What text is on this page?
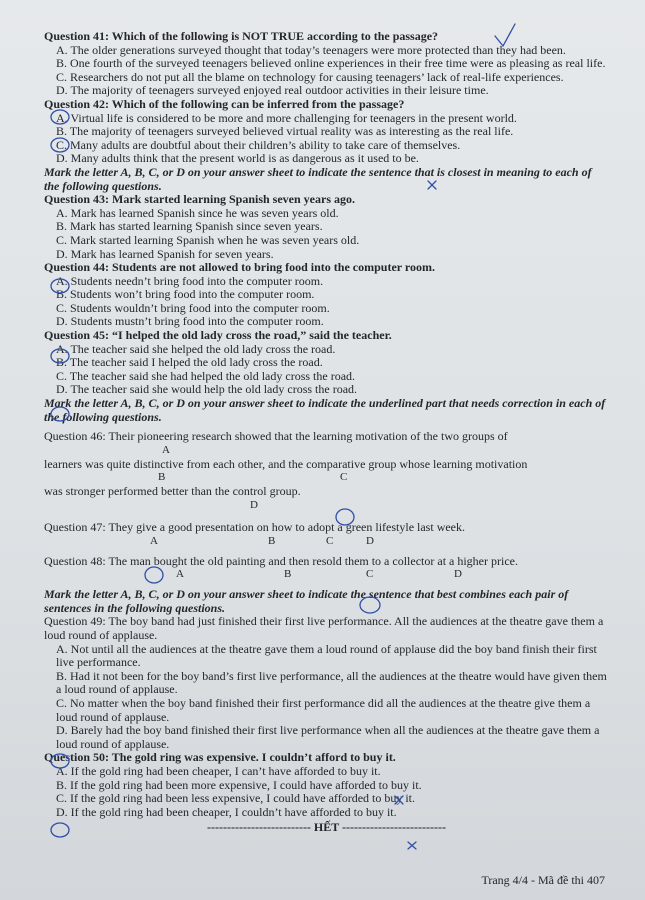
Question 41: Which of the following is NOT TRUE according to the passage?

A. The older generations surveyed thought that today’s teenagers were more protected than they had been.

B. One fourth of the surveyed teenagers believed online experiences in their free time were as pleasing as real life.

C. Researchers do not put all the blame on technology for causing teenagers’ lack of real-life experiences.

D. The majority of teenagers surveyed enjoyed real outdoor activities in their leisure time.

Question 42: Which of the following can be inferred from the passage?

A. Virtual life is considered to be more and more challenging for teenagers in the present world.

B. The majority of teenagers surveyed believed virtual reality was as interesting as the real life.

C. Many adults are doubtful about their children’s ability to take care of themselves.

D. Many adults think that the present world is as dangerous as it used to be.

Mark the letter A, B, C, or D on your answer sheet to indicate the sentence that is closest in meaning to each of the following questions.

Question 43: Mark started learning Spanish seven years ago.

A. Mark has learned Spanish since he was seven years old.

B. Mark has started learning Spanish since seven years.

C. Mark started learning Spanish when he was seven years old.

D. Mark has learned Spanish for seven years.

Question 44: Students are not allowed to bring food into the computer room.

A. Students needn’t bring food into the computer room.

B. Students won’t bring food into the computer room.

C. Students wouldn’t bring food into the computer room.

D. Students mustn’t bring food into the computer room.

Question 45: “I helped the old lady cross the road,” said the teacher.

A. The teacher said she helped the old lady cross the road.

B. The teacher said I helped the old lady cross the road.

C. The teacher said she had helped the old lady cross the road.

D. The teacher said she would help the old lady cross the road.

Mark the letter A, B, C, or D on your answer sheet to indicate the underlined part that needs correction in each of the following questions.

Question 46: Their pioneering research showed that the learning motivation of the two groups of

A

learners was quite distinctive from each other, and the comparative group whose learning motivation

B	C

was stronger performed better than the control group.

D

Question 47: They give a good presentation on how to adopt a green lifestyle last week.

A	B	C	D

Question 48: The man bought the old painting and then resold them to a collector at a higher price.

A	B	C	D

Mark the letter A, B, C, or D on your answer sheet to indicate the sentence that best combines each pair of sentences in the following questions.

Question 49: The boy band had just finished their first live performance. All the audiences at the theatre gave them a loud round of applause.

A. Not until all the audiences at the theatre gave them a loud round of applause did the boy band finish their first live performance.

B. Had it not been for the boy band’s first live performance, all the audiences at the theatre would have given them a loud round of applause.

C. No matter when the boy band finished their first performance did all the audiences at the theatre give them a loud round of applause.

D. Barely had the boy band finished their first live performance when all the audiences at the theatre gave them a loud round of applause.

Question 50: The gold ring was expensive. I couldn’t afford to buy it.

A. If the gold ring had been cheaper, I can’t have afforded to buy it.

B. If the gold ring had been more expensive, I could have afforded to buy it.

C. If the gold ring had been less expensive, I could have afforded to buy it.

D. If the gold ring had been cheaper, I couldn’t have afforded to buy it.

-------------------------- HẾT --------------------------

Trang 4/4 - Mã đề thi 407
